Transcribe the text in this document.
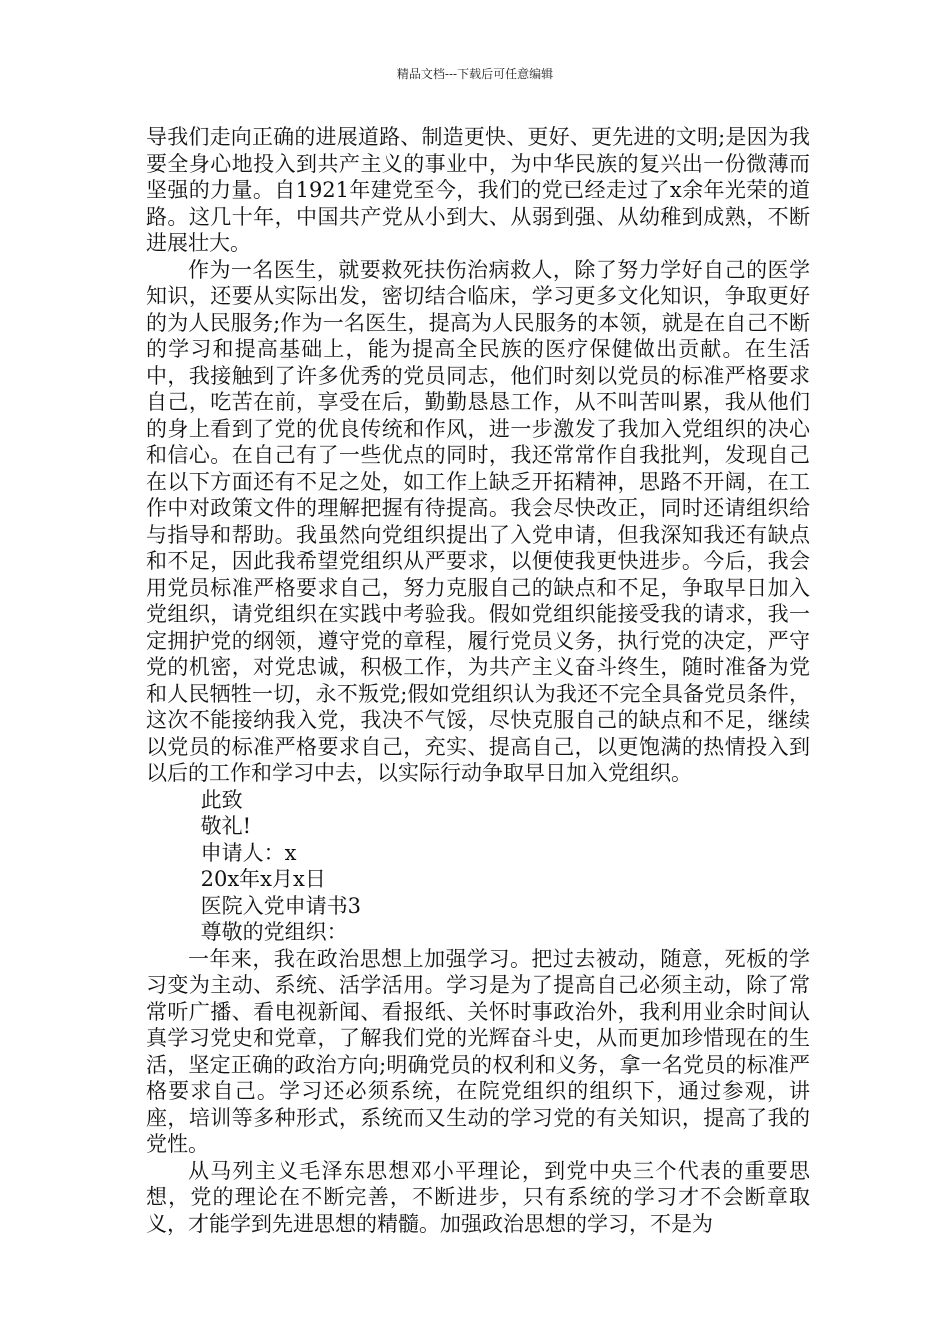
精品文档---下载后可任意编辑

导我们走向正确的进展道路、制造更快、更好、更先进的文明;是因为我要全身心地投入到共产主义的事业中，为中华民族的复兴出一份微薄而坚强的力量。自1921年建党至今，我们的党已经走过了x余年光荣的道路。这几十年，中国共产党从小到大、从弱到强、从幼稚到成熟，不断进展壮大。

作为一名医生，就要救死扶伤治病救人，除了努力学好自己的医学知识，还要从实际出发，密切结合临床，学习更多文化知识，争取更好的为人民服务;作为一名医生，提高为人民服务的本领，就是在自己不断的学习和提高基础上，能为提高全民族的医疗保健做出贡献。在生活中，我接触到了许多优秀的党员同志，他们时刻以党员的标准严格要求自己，吃苦在前，享受在后，勤勤恳恳工作，从不叫苦叫累，我从他们的身上看到了党的优良传统和作风，进一步激发了我加入党组织的决心和信心。在自己有了一些优点的同时，我还常常作自我批判，发现自己在以下方面还有不足之处，如工作上缺乏开拓精神，思路不开阔，在工作中对政策文件的理解把握有待提高。我会尽快改正，同时还请组织给与指导和帮助。我虽然向党组织提出了入党申请，但我深知我还有缺点和不足，因此我希望党组织从严要求，以便使我更快进步。今后，我会用党员标准严格要求自己，努力克服自己的缺点和不足，争取早日加入党组织，请党组织在实践中考验我。假如党组织能接受我的请求，我一定拥护党的纲领，遵守党的章程，履行党员义务，执行党的决定，严守党的机密，对党忠诚，积极工作，为共产主义奋斗终生，随时准备为党和人民牺牲一切，永不叛党;假如党组织认为我还不完全具备党员条件，这次不能接纳我入党，我决不气馁，尽快克服自己的缺点和不足，继续以党员的标准严格要求自己，充实、提高自己，以更饱满的热情投入到以后的工作和学习中去，以实际行动争取早日加入党组织。

此致

敬礼!

申请人：x

20x年x月x日

医院入党申请书3

尊敬的党组织：

一年来，我在政治思想上加强学习。把过去被动，随意，死板的学习变为主动、系统、活学活用。学习是为了提高自己必须主动，除了常常听广播、看电视新闻、看报纸、关怀时事政治外，我利用业余时间认真学习党史和党章，了解我们党的光辉奋斗史，从而更加珍惜现在的生活，坚定正确的政治方向;明确党员的权利和义务，拿一名党员的标准严格要求自己。学习还必须系统，在院党组织的组织下，通过参观，讲座，培训等多种形式，系统而又生动的学习党的有关知识，提高了我的党性。

从马列主义毛泽东思想邓小平理论，到党中央三个代表的重要思想，党的理论在不断完善，不断进步，只有系统的学习才不会断章取义，才能学到先进思想的精髓。加强政治思想的学习，不是为
